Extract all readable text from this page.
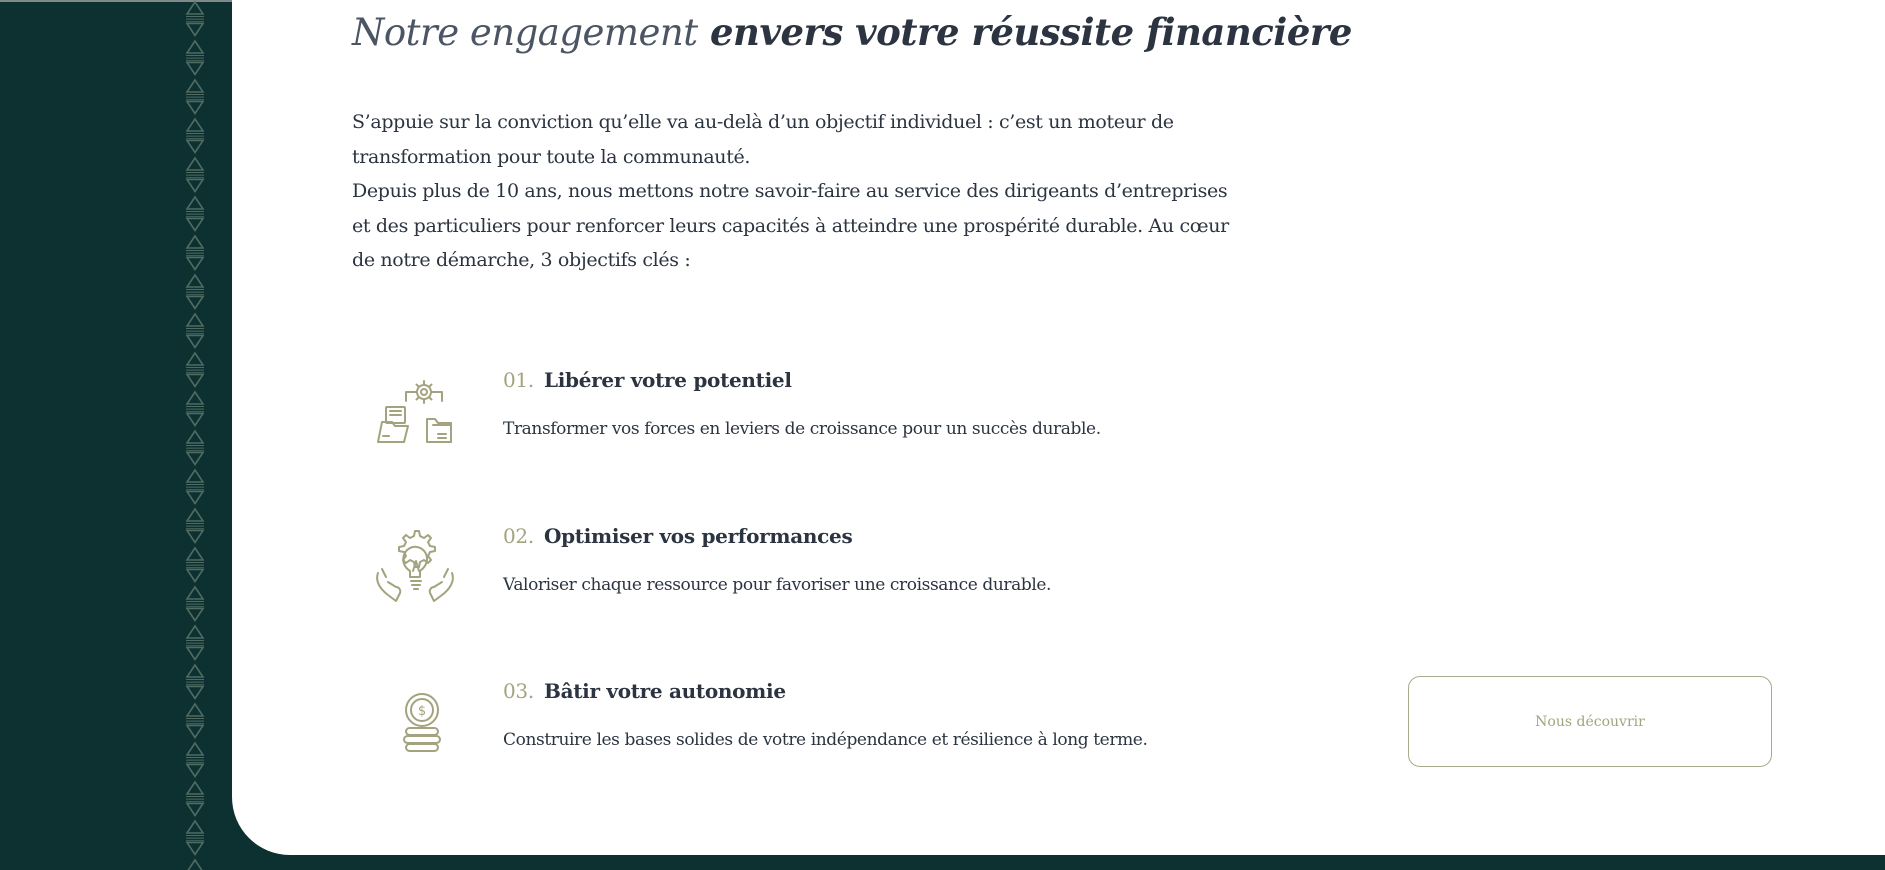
Notre engagement envers votre réussite financière

S’appuie sur la conviction qu’elle va au-delà d’un objectif individuel : c’est un moteur de transformation pour toute la communauté.

Depuis plus de 10 ans, nous mettons notre savoir-faire au service des dirigeants d’entreprises et des particuliers pour renforcer leurs capacités à atteindre une prospérité durable. Au cœur de notre démarche, 3 objectifs clés :

01. Libérer votre potentiel

Transformer vos forces en leviers de croissance pour un succès durable.

02. Optimiser vos performances

Valoriser chaque ressource pour favoriser une croissance durable.

$

03. Bâtir votre autonomie

Construire les bases solides de votre indépendance et résilience à long terme.

Nous découvrir
